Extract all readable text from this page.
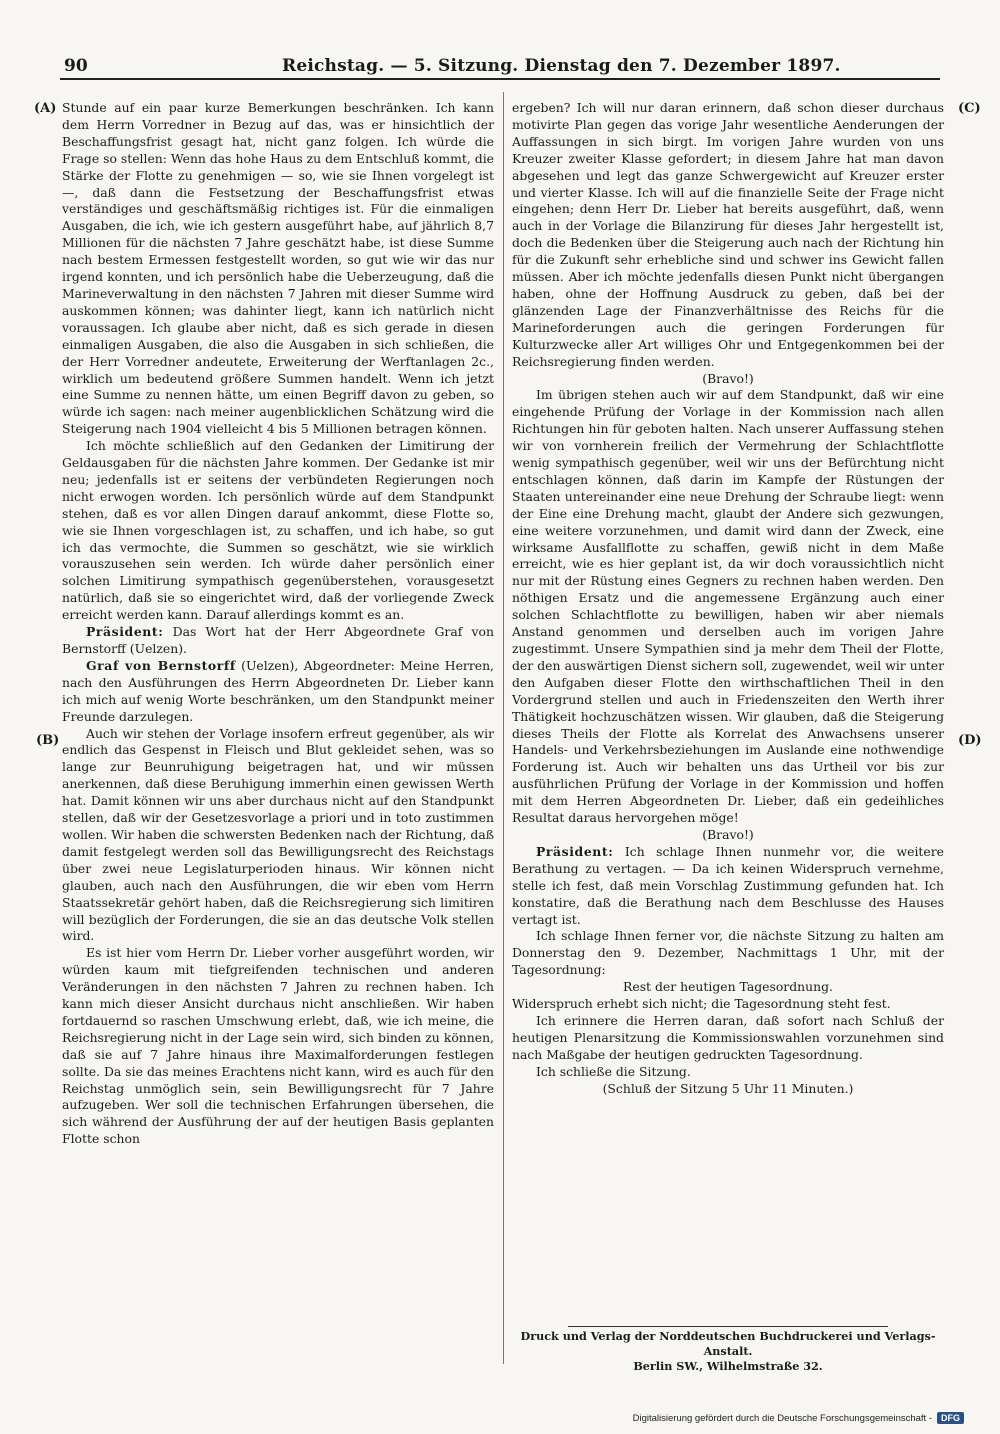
90	Reichstag. — 5. Sitzung. Dienstag den 7. Dezember 1897.
(A)
(B)
(C)
(D)

Stunde auf ein paar kurze Bemerkungen beschränken. Ich kann dem Herrn Vorredner in Bezug auf das, was er hinsichtlich der Beschaffungsfrist gesagt hat, nicht ganz folgen. Ich würde die Frage so stellen: Wenn das hohe Haus zu dem Entschluß kommt, die Stärke der Flotte zu genehmigen — so, wie sie Ihnen vorgelegt ist —, daß dann die Festsetzung der Beschaffungsfrist etwas verständiges und geschäftsmäßig richtiges ist. Für die einmaligen Ausgaben, die ich, wie ich gestern ausgeführt habe, auf jährlich 8,7 Millionen für die nächsten 7 Jahre geschätzt habe, ist diese Summe nach bestem Ermessen festgestellt worden, so gut wie wir das nur irgend konnten, und ich persönlich habe die Ueberzeugung, daß die Marineverwaltung in den nächsten 7 Jahren mit dieser Summe wird auskommen können; was dahinter liegt, kann ich natürlich nicht voraussagen. Ich glaube aber nicht, daß es sich gerade in diesen einmaligen Ausgaben, die also die Ausgaben in sich schließen, die der Herr Vorredner andeutete, Erweiterung der Werftanlagen 2c., wirklich um bedeutend größere Summen handelt. Wenn ich jetzt eine Summe zu nennen hätte, um einen Begriff davon zu geben, so würde ich sagen: nach meiner augenblicklichen Schätzung wird die Steigerung nach 1904 vielleicht 4 bis 5 Millionen betragen können.

Ich möchte schließlich auf den Gedanken der Limitirung der Geldausgaben für die nächsten Jahre kommen. Der Gedanke ist mir neu; jedenfalls ist er seitens der verbündeten Regierungen noch nicht erwogen worden. Ich persönlich würde auf dem Standpunkt stehen, daß es vor allen Dingen darauf ankommt, diese Flotte so, wie sie Ihnen vorgeschlagen ist, zu schaffen, und ich habe, so gut ich das vermochte, die Summen so geschätzt, wie sie wirklich vorauszusehen sein werden. Ich würde daher persönlich einer solchen Limitirung sympathisch gegenüberstehen, vorausgesetzt natürlich, daß sie so eingerichtet wird, daß der vorliegende Zweck erreicht werden kann. Darauf allerdings kommt es an.

Präsident: Das Wort hat der Herr Abgeordnete Graf von Bernstorff (Uelzen).

Graf von Bernstorff (Uelzen), Abgeordneter: Meine Herren, nach den Ausführungen des Herrn Abgeordneten Dr. Lieber kann ich mich auf wenig Worte beschränken, um den Standpunkt meiner Freunde darzulegen.

Auch wir stehen der Vorlage insofern erfreut gegenüber, als wir endlich das Gespenst in Fleisch und Blut gekleidet sehen, was so lange zur Beunruhigung beigetragen hat, und wir müssen anerkennen, daß diese Beruhigung immerhin einen gewissen Werth hat. Damit können wir uns aber durchaus nicht auf den Standpunkt stellen, daß wir der Gesetzesvorlage a priori und in toto zustimmen wollen. Wir haben die schwersten Bedenken nach der Richtung, daß damit festgelegt werden soll das Bewilligungsrecht des Reichstags über zwei neue Legislaturperioden hinaus. Wir können nicht glauben, auch nach den Ausführungen, die wir eben vom Herrn Staatssekretär gehört haben, daß die Reichsregierung sich limitiren will bezüglich der Forderungen, die sie an das deutsche Volk stellen wird.

Es ist hier vom Herrn Dr. Lieber vorher ausgeführt worden, wir würden kaum mit tiefgreifenden technischen und anderen Veränderungen in den nächsten 7 Jahren zu rechnen haben. Ich kann mich dieser Ansicht durchaus nicht anschließen. Wir haben fortdauernd so raschen Umschwung erlebt, daß, wie ich meine, die Reichsregierung nicht in der Lage sein wird, sich binden zu können, daß sie auf 7 Jahre hinaus ihre Maximalforderungen festlegen sollte. Da sie das meines Erachtens nicht kann, wird es auch für den Reichstag unmöglich sein, sein Bewilligungsrecht für 7 Jahre aufzugeben. Wer soll die technischen Erfahrungen übersehen, die sich während der Ausführung der auf der heutigen Basis geplanten Flotte schon

ergeben? Ich will nur daran erinnern, daß schon dieser durchaus motivirte Plan gegen das vorige Jahr wesentliche Aenderungen der Auffassungen in sich birgt. Im vorigen Jahre wurden von uns Kreuzer zweiter Klasse gefordert; in diesem Jahre hat man davon abgesehen und legt das ganze Schwergewicht auf Kreuzer erster und vierter Klasse. Ich will auf die finanzielle Seite der Frage nicht eingehen; denn Herr Dr. Lieber hat bereits ausgeführt, daß, wenn auch in der Vorlage die Bilanzirung für dieses Jahr hergestellt ist, doch die Bedenken über die Steigerung auch nach der Richtung hin für die Zukunft sehr erhebliche sind und schwer ins Gewicht fallen müssen. Aber ich möchte jedenfalls diesen Punkt nicht übergangen haben, ohne der Hoffnung Ausdruck zu geben, daß bei der glänzenden Lage der Finanzverhältnisse des Reichs für die Marineforderungen auch die geringen Forderungen für Kulturzwecke aller Art williges Ohr und Entgegenkommen bei der Reichsregierung finden werden.

(Bravo!)

Im übrigen stehen auch wir auf dem Standpunkt, daß wir eine eingehende Prüfung der Vorlage in der Kommission nach allen Richtungen hin für geboten halten. Nach unserer Auffassung stehen wir von vornherein freilich der Vermehrung der Schlachtflotte wenig sympathisch gegenüber, weil wir uns der Befürchtung nicht entschlagen können, daß darin im Kampfe der Rüstungen der Staaten untereinander eine neue Drehung der Schraube liegt: wenn der Eine eine Drehung macht, glaubt der Andere sich gezwungen, eine weitere vorzunehmen, und damit wird dann der Zweck, eine wirksame Ausfallflotte zu schaffen, gewiß nicht in dem Maße erreicht, wie es hier geplant ist, da wir doch voraussichtlich nicht nur mit der Rüstung eines Gegners zu rechnen haben werden. Den nöthigen Ersatz und die angemessene Ergänzung auch einer solchen Schlachtflotte zu bewilligen, haben wir aber niemals Anstand genommen und derselben auch im vorigen Jahre zugestimmt. Unsere Sympathien sind ja mehr dem Theil der Flotte, der den auswärtigen Dienst sichern soll, zugewendet, weil wir unter den Aufgaben dieser Flotte den wirthschaftlichen Theil in den Vordergrund stellen und auch in Friedenszeiten den Werth ihrer Thätigkeit hochzuschätzen wissen. Wir glauben, daß die Steigerung dieses Theils der Flotte als Korrelat des Anwachsens unserer Handels- und Verkehrsbeziehungen im Auslande eine nothwendige Forderung ist. Auch wir behalten uns das Urtheil vor bis zur ausführlichen Prüfung der Vorlage in der Kommission und hoffen mit dem Herren Abgeordneten Dr. Lieber, daß ein gedeihliches Resultat daraus hervorgehen möge!

(Bravo!)

Präsident: Ich schlage Ihnen nunmehr vor, die weitere Berathung zu vertagen. — Da ich keinen Widerspruch vernehme, stelle ich fest, daß mein Vorschlag Zustimmung gefunden hat. Ich konstatire, daß die Berathung nach dem Beschlusse des Hauses vertagt ist.

Ich schlage Ihnen ferner vor, die nächste Sitzung zu halten am Donnerstag den 9. Dezember, Nachmittags 1 Uhr, mit der Tagesordnung:

Rest der heutigen Tagesordnung.

Widerspruch erhebt sich nicht; die Tagesordnung steht fest.

Ich erinnere die Herren daran, daß sofort nach Schluß der heutigen Plenarsitzung die Kommissionswahlen vorzunehmen sind nach Maßgabe der heutigen gedruckten Tagesordnung.

Ich schließe die Sitzung.

(Schluß der Sitzung 5 Uhr 11 Minuten.)

Druck und Verlag der Norddeutschen Buchdruckerei und Verlags-Anstalt.
Berlin SW., Wilhelmstraße 32.
Digitalisierung gefördert durch die Deutsche Forschungsgemeinschaft -	DFG
